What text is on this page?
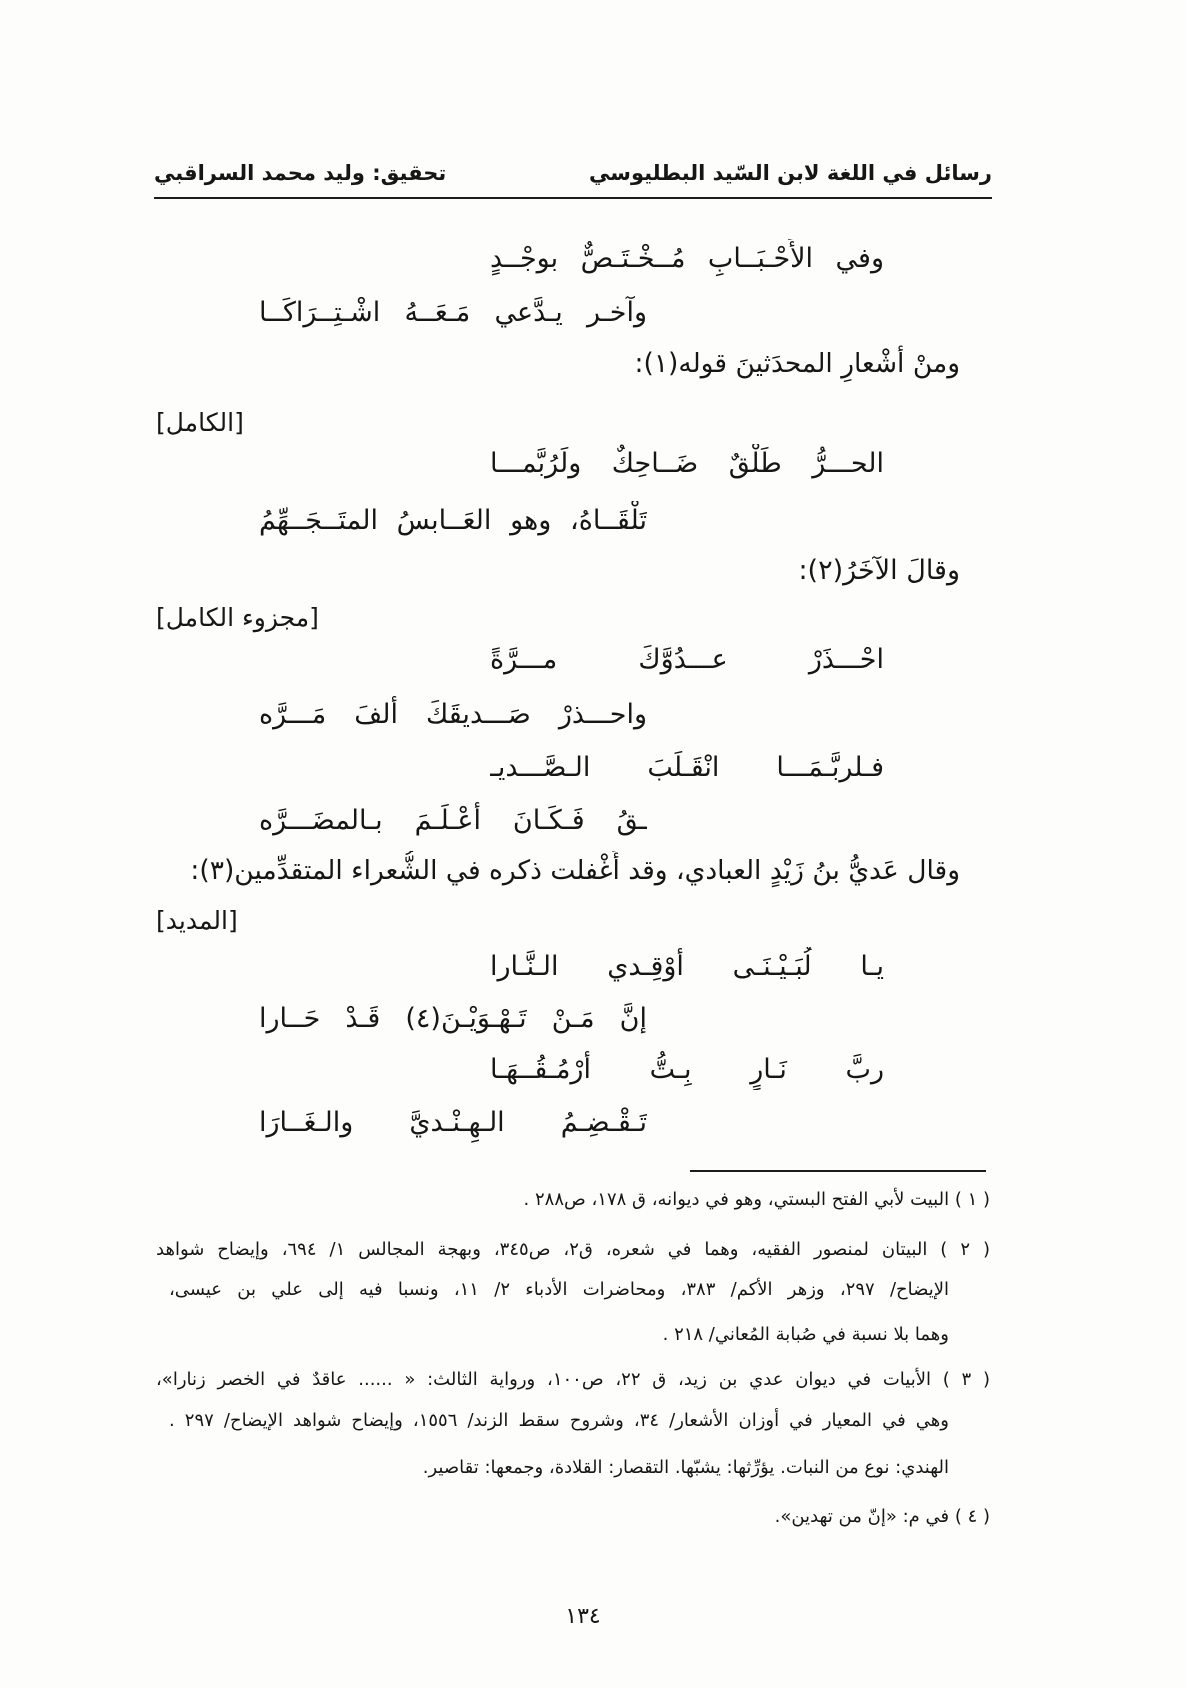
رسائل في اللغة لابن السّيد البطليوسي
تحقيق: وليد محمد السراقبي
وفي الأَحْـبَــابِ مُــخْـتَـصٌّ بوجْــدٍ
وآخـر يـدَّعي مَـعَــهُ اشْـتِــرَاكَــا
ومنْ أشْعارِ المحدَثينَ قوله(١):
[الكامل]
الحـــرُّ طَلْقٌ ضَــاحِكٌ ولَرُبَّمـــا
تَلْقَــاهُ، وهو العَــابسُ المتَــجَــهِّمُ
وقالَ الآخَرُ(٢):
[مجزوء الكامل]
احْـــذَرْ عـــدُوَّكَ مـــرَّةً
واحـــذرْ صَـــديقَكَ ألفَ مَـــرَّه
فـلربَّـمَـــا انْقَـلَبَ الـصَّـــديـ
ـقُ فَـكَـانَ أعْـلَـمَ بـالمضَـــرَّه
وقال عَديُّ بنُ زَيْدٍ العبادي، وقد أَغْفلت ذكره في الشُّعراء المتقدِّمين(٣):
[المديد]
يـا لُبَـيْـنَـى أوْقِـدي الـنَّـارا
إنَّ مَـنْ تَـهْـوَيْـنَ(٤) قَـدْ حَــارا
ربَّ نَـارٍ بِـتُّ أرْمُـقُــهَـا
تَـقْـضِـمُ الـهِـنْـديَّ والـغَــارَا
( ١ ) البيت لأبي الفتح البستي، وهو في ديوانه، ق ١٧٨، ص٢٨٨ .
( ٢ ) البيتان لمنصور الفقيه، وهما في شعره، ق٢، ص٣٤٥، وبهجة المجالس ١/ ٦٩٤، وإيضاح شواهد
الإيضاح/ ٢٩٧، وزهر الأكم/ ٣٨٣، ومحاضرات الأدباء ٢/ ١١، ونسبا فيه إلى علي بن عيسى،
وهما بلا نسبة في صُبابة المُعاني/ ٢١٨ .
( ٣ ) الأبيات في ديوان عدي بن زيد، ق ٢٢، ص١٠٠، ورواية الثالث: « ...... عاقدٌ في الخصر زنارا»،
وهي في المعيار في أوزان الأشعار/ ٣٤، وشروح سقط الزند/ ١٥٥٦، وإيضاح شواهد الإيضاح/ ٢٩٧ .
الهندي: نوع من النبات. يؤرِّثها: يشبّها. التقصار: القلادة، وجمعها: تقاصير.
( ٤ ) في م: «إنّ من تهدين».
١٣٤
